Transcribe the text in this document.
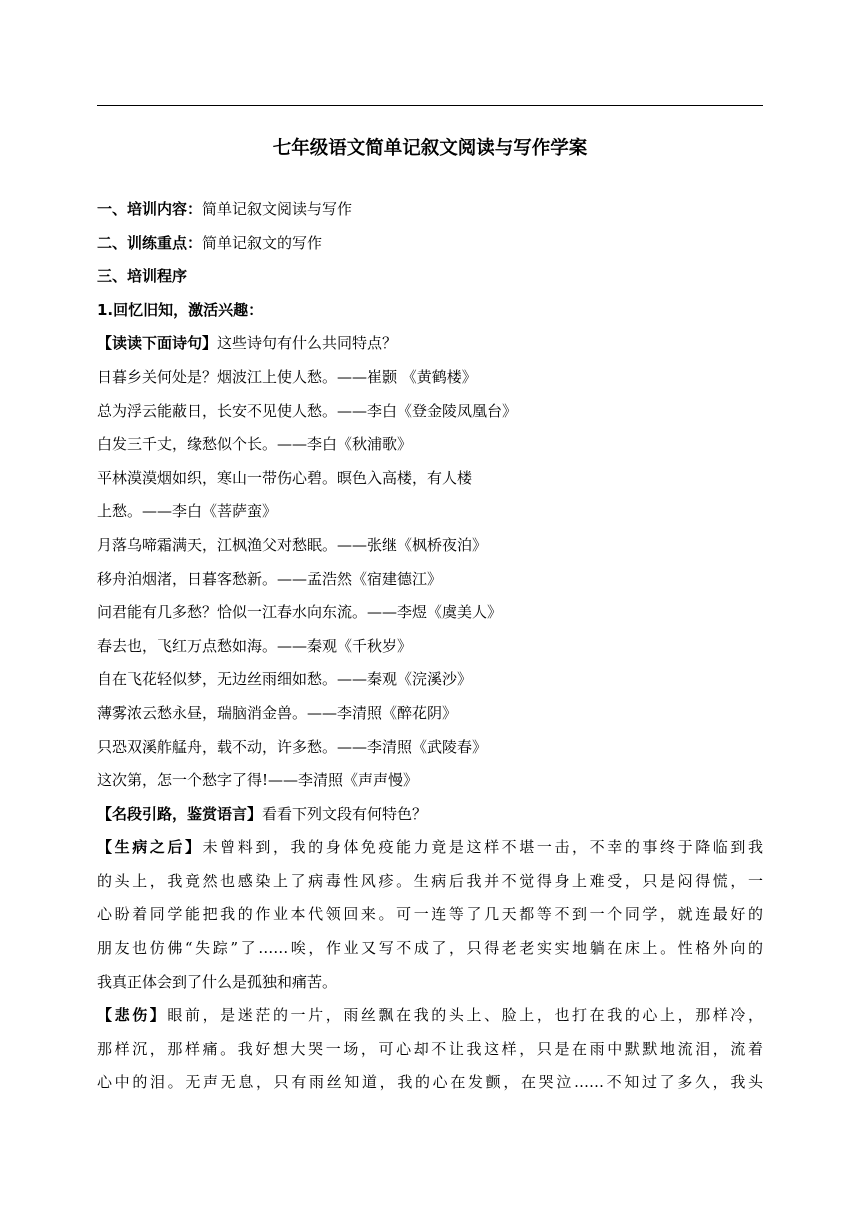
七年级语文简单记叙文阅读与写作学案
一、培训内容：简单记叙文阅读与写作
二、训练重点：简单记叙文的写作
三、培训程序
1.回忆旧知，激活兴趣：
【读读下面诗句】这些诗句有什么共同特点？
日暮乡关何处是？烟波江上使人愁。——崔颢 《黄鹤楼》
总为浮云能蔽日，长安不见使人愁。——李白《登金陵凤凰台》
白发三千丈，缘愁似个长。——李白《秋浦歌》
平林漠漠烟如织，寒山一带伤心碧。暝色入高楼，有人楼
上愁。——李白《菩萨蛮》
月落乌啼霜满天，江枫渔父对愁眠。——张继《枫桥夜泊》
移舟泊烟渚，日暮客愁新。——孟浩然《宿建德江》
问君能有几多愁？恰似一江春水向东流。——李煜《虞美人》
春去也，飞红万点愁如海。——秦观《千秋岁》
自在飞花轻似梦，无边丝雨细如愁。——秦观《浣溪沙》
薄雾浓云愁永昼，瑞脑消金兽。——李清照《醉花阴》
只恐双溪舴艋舟，载不动，许多愁。——李清照《武陵春》
这次第，怎一个愁字了得!——李清照《声声慢》
【名段引路，鉴赏语言】看看下列文段有何特色？
【生病之后】未曾料到，我的身体免疫能力竟是这样不堪一击，不幸的事终于降临到我
的头上，我竟然也感染上了病毒性风疹。生病后我并不觉得身上难受，只是闷得慌，一
心盼着同学能把我的作业本代领回来。可一连等了几天都等不到一个同学，就连最好的
朋友也仿佛“失踪”了……唉，作业又写不成了，只得老老实实地躺在床上。性格外向的
我真正体会到了什么是孤独和痛苦。
【悲伤】眼前，是迷茫的一片，雨丝飘在我的头上、脸上，也打在我的心上，那样冷，
那样沉，那样痛。我好想大哭一场，可心却不让我这样，只是在雨中默默地流泪，流着
心中的泪。无声无息，只有雨丝知道，我的心在发颤，在哭泣……不知过了多久，我头
